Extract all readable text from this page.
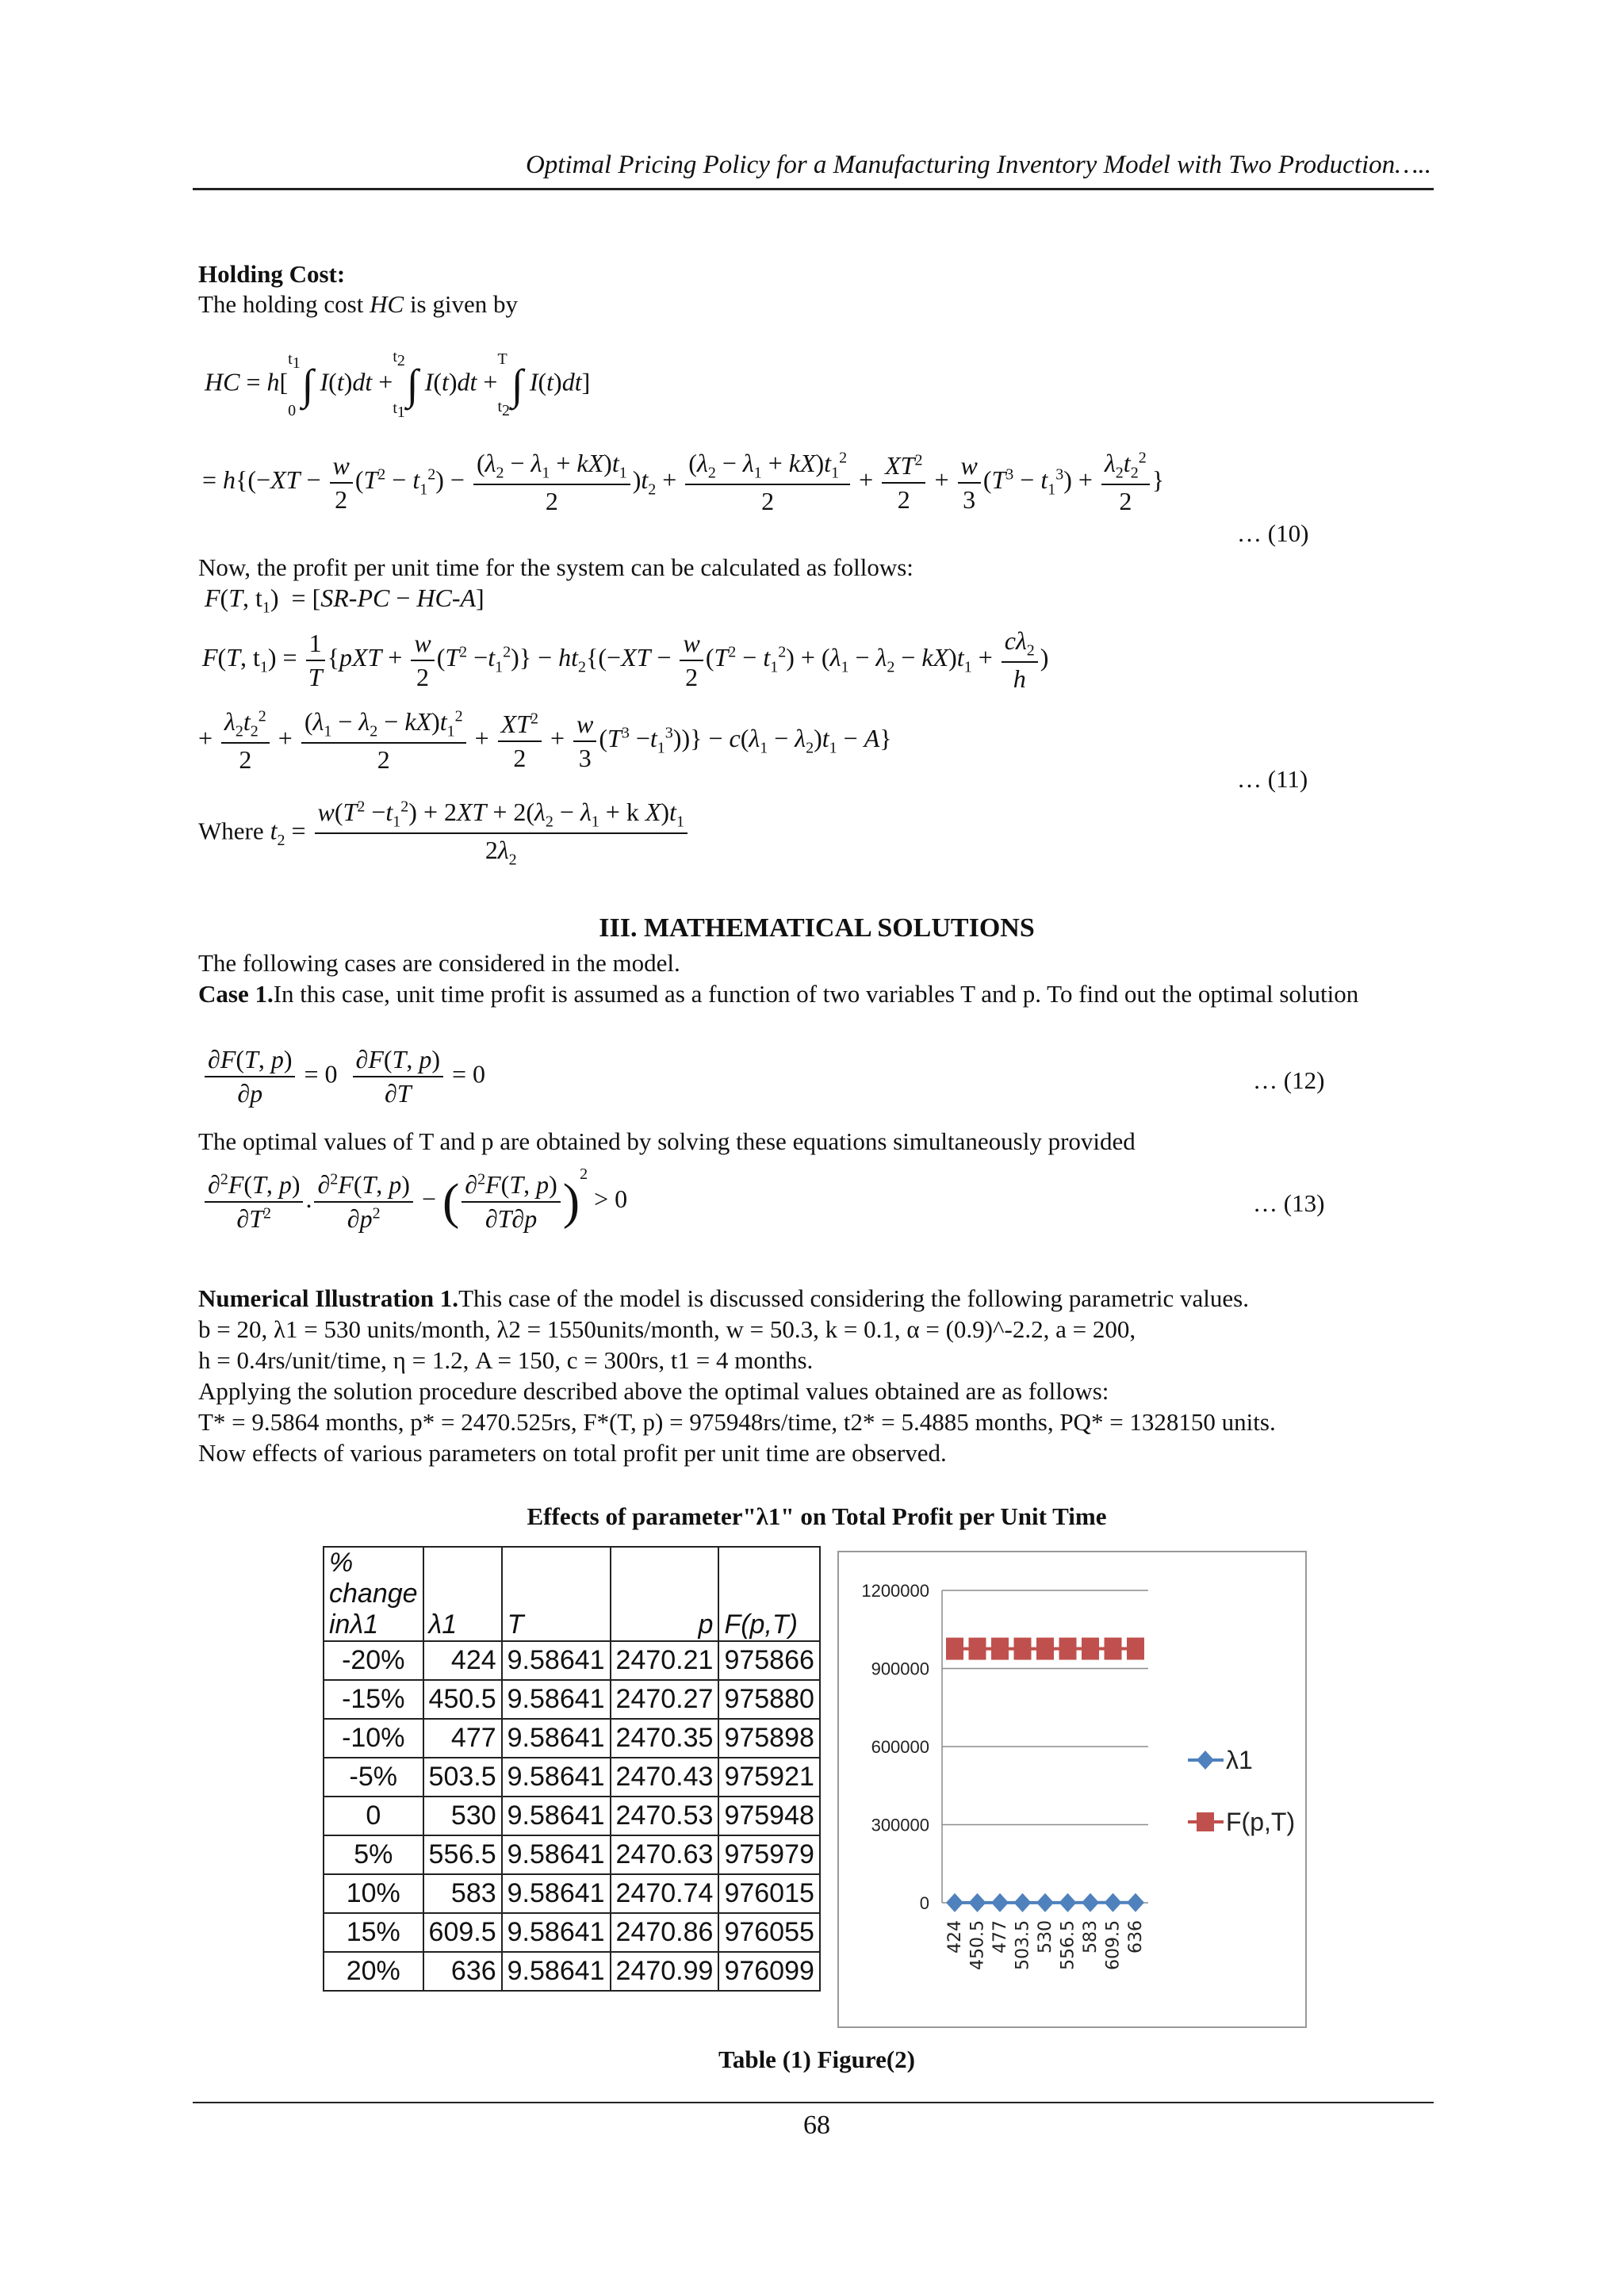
Optimal Pricing Policy for a Manufacturing Inventory Model with Two Production…..
Holding Cost:
The holding cost HC is given by
HC = $h[t_1$

0∫ $I(t)dt +t_2$

$t_1\int$ I(t)dt +T

$t_2\int$ I(t)dt]
= $h\{(-XT - \frac{w}{2} (T^2 - t_1^2) - \frac{(\lambda_2 - \lambda_1 + kX)t_1}{2} )t_2 + \frac{(\lambda_2 - \lambda_1 + kX)t_1^2}{2} + \frac{XT^2}{2} + \frac{w}{3} (T^3 - t_1^3) + \frac{\lambda_2t_2^2}{2}$ }
… (10)
Now, the profit per unit time for the system can be calculated as follows:
F(T, $t_1) = [SR-PC - HC-A]$
F(T, $t_1) = \frac{1}{T} \{pXT + \frac{w}{2} (T^2 -t_1^2)\} - ht_2\{(-XT - \frac{w}{2} (T^2 - t_1^2) + (\lambda_1 - \lambda_2 - kX)t_1 + \frac{c\lambda_2}{h}$ )
+ $\frac{\lambda_2t_2^2}{2} + \frac{(\lambda_1 - \lambda_2 - kX)t_1^2}{2} + \frac{XT^2}{2} + \frac{w}{3} (T^3 -t_1^3))\} - c(\lambda_1 - \lambda_2)t_1 - A$}
… (11)
Where $t_2 = \frac{w(T^2 -t_1^2) + 2XT + 2(\lambda_2 - \lambda_1 + k X)t_1}{2\lambda_2}$
III. MATHEMATICAL SOLUTIONS
The following cases are considered in the model.
Case 1.In this case, unit time profit is assumed as a function of two variables T and p. To find out the optimal solution
$\frac{\partial F(T, p)}{\partial p} = 0 \frac{\partial F(T, p)}{\partial T} = 0$	… (12)
The optimal values of T and p are obtained by solving these equations simultaneously provided
$\frac{\partial^2F(T, p)}{\partial T^2}$ . $\frac{\partial^2F(T, p)}{\partial p^2}$ − ( $\frac{\partial^2F(T, p)}{\partial T\partial p} )^2 > 0$	… (13)
Numerical Illustration 1.This case of the model is discussed considering the following parametric values.
b = 20, λ1 = 530 units/month, λ2 = 1550units/month, w = 50.3, k = 0.1, α = (0.9)^-2.2, a = 200,
h = 0.4rs/unit/time, η = 1.2, A = 150, c = 300rs, t1 = 4 months.
Applying the solution procedure described above the optimal values obtained are as follows:
T* = 9.5864 months, p* = 2470.525rs, F*(T, p) = 975948rs/time, t2* = 5.4885 months, PQ* = 1328150 units.
Now effects of various parameters on total profit per unit time are observed.
Effects of parameter"λ1" on Total Profit per Unit Time
% change inλ1	λ1	T	p	F(p,T)
-20%	424	9.58641	2470.21	975866
-15%	450.5	9.58641	2470.27	975880
-10%	477	9.58641	2470.35	975898
-5%	503.5	9.58641	2470.43	975921
0	530	9.58641	2470.53	975948
5%	556.5	9.58641	2470.63	975979
10%	583	9.58641	2470.74	976015
15%	609.5	9.58641	2470.86	976055
20%	636	9.58641	2470.99	976099
0
300000
600000
900000
1200000
424 450.5 477 503.5 530 556.5 583 609.5 636
λ1
F(p,T)
Table (1) Figure(2)
68
